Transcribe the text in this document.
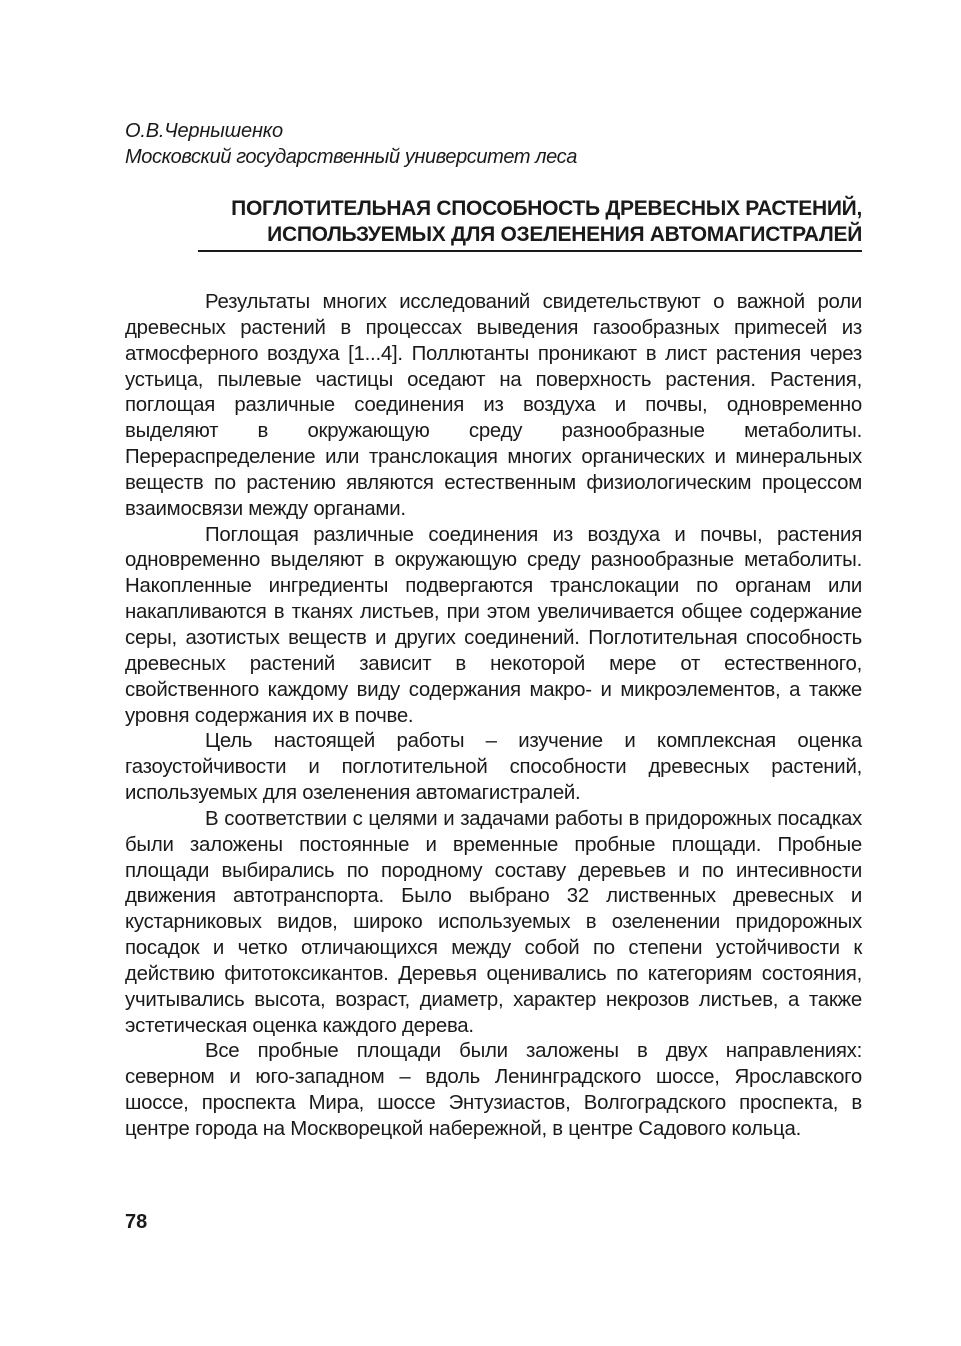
О.В.Чернышенко
Московский государственный университет леса
ПОГЛОТИТЕЛЬНАЯ СПОСОБНОСТЬ ДРЕВЕСНЫХ РАСТЕНИЙ,
ИСПОЛЬЗУЕМЫХ ДЛЯ ОЗЕЛЕНЕНИЯ АВТОМАГИСТРАЛЕЙ

Результаты многих исследований свидетельствуют о важной роли древесных растений в процессах выведения газообразных приmесей из атмосферного воздуха [1...4]. Поллютанты проникают в лист растения через устьица, пылевые частицы оседают на поверхность растения. Растения, поглощая различные соединения из воздуха и почвы, одновременно выделяют в окружающую среду разнообразные метаболиты. Перераспределение или транслокация многих органических и минеральных веществ по растению являются естественным физиологическим процессом взаимосвязи между органами.

Поглощая различные соединения из воздуха и почвы, растения одновременно выделяют в окружающую среду разнообразные метаболиты. Накопленные ингредиенты подвергаются транслокации по органам или накапливаются в тканях листьев, при этом увеличивается общее содержание серы, азотистых веществ и других соединений. Поглотительная способность древесных растений зависит в некоторой мере от естественного, свойственного каждому виду содержания макро- и микроэлементов, а также уровня содержания их в почве.

Цель настоящей работы – изучение и комплексная оценка газоустойчивости и поглотительной способности древесных растений, используемых для озеленения автомагистралей.

В соответствии с целями и задачами работы в придорожных посадках были заложены постоянные и временные пробные площади. Пробные площади выбирались по породному составу деревьев и по интесивности движения автотранспорта. Было выбрано 32 лиственных древесных и кустарниковых видов, широко используемых в озеленении придорожных посадок и четко отличающихся между собой по степени устойчивости к действию фитотоксикантов. Деревья оценивались по категориям состояния, учитывались высота, возраст, диаметр, характер некрозов листьев, а также эстетическая оценка каждого дерева.

Все пробные площади были заложены в двух направлениях: северном и юго-западном – вдоль Ленинградского шоссе, Ярославского шоссе, проспекта Мира, шоссе Энтузиастов, Волгоградского проспекта, в центре города на Москворецкой набережной, в центре Садового кольца.

78
